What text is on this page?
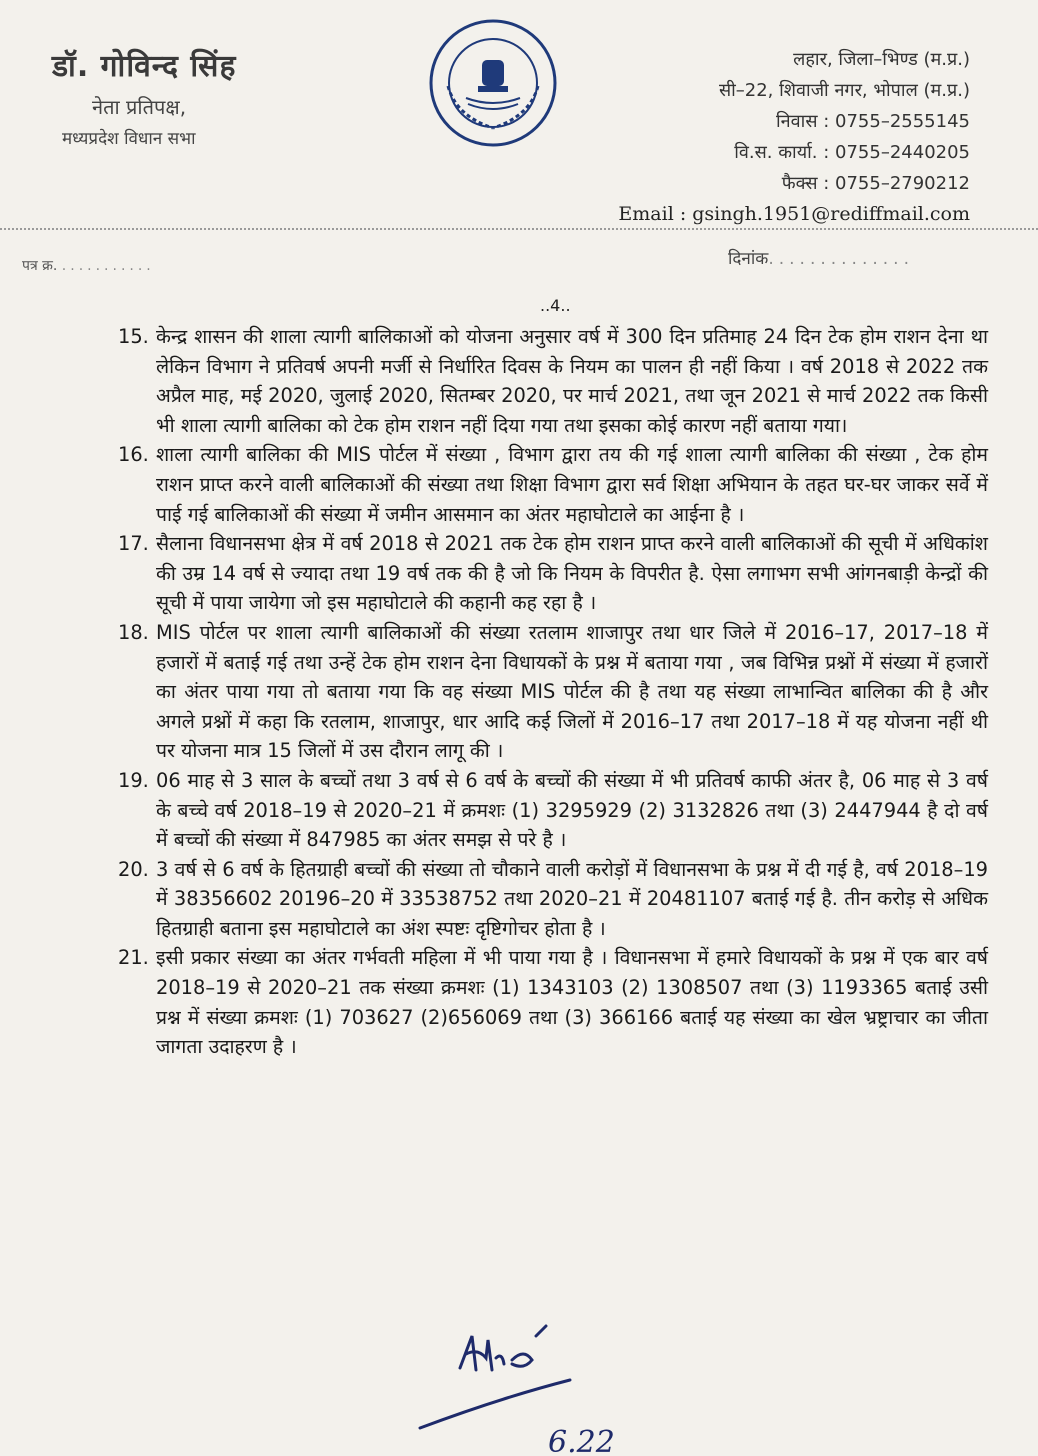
डॉ. गोविन्द सिंह
नेता प्रतिपक्ष,
मध्यप्रदेश विधान सभा
लहार, जिला–भिण्ड (म.प्र.)
सी–22, शिवाजी नगर, भोपाल (म.प्र.)
निवास : 0755–2555145
वि.स. कार्या. : 0755–2440205
फैक्स : 0755–2790212
Email : gsingh.1951@rediffmail.com
पत्र क्र. ...........	दिनांक..............
..4..
15. केन्द्र शासन की शाला त्यागी बालिकाओं को योजना अनुसार वर्ष में 300 दिन प्रतिमाह 24 दिन टेक होम राशन देना था लेकिन विभाग ने प्रतिवर्ष अपनी मर्जी से निर्धारित दिवस के नियम का पालन ही नहीं किया । वर्ष 2018 से 2022 तक अप्रैल माह, मई 2020, जुलाई 2020, सितम्बर 2020, पर मार्च 2021, तथा जून 2021 से मार्च 2022 तक किसी भी शाला त्यागी बालिका को टेक होम राशन नहीं दिया गया तथा इसका कोई कारण नहीं बताया गया।
16. शाला त्यागी बालिका की MIS पोर्टल में संख्या , विभाग द्वारा तय की गई शाला त्यागी बालिका की संख्या , टेक होम राशन प्राप्त करने वाली बालिकाओं की संख्या तथा शिक्षा विभाग द्वारा सर्व शिक्षा अभियान के तहत घर-घर जाकर सर्वे में पाई गई बालिकाओं की संख्या में जमीन आसमान का अंतर महाघोटाले का आईना है ।
17. सैलाना विधानसभा क्षेत्र में वर्ष 2018 से 2021 तक टेक होम राशन प्राप्त करने वाली बालिकाओं की सूची में अधिकांश की उम्र 14 वर्ष से ज्यादा तथा 19 वर्ष तक की है जो कि नियम के विपरीत है. ऐसा लगाभग सभी आंगनबाड़ी केन्द्रों की सूची में पाया जायेगा जो इस महाघोटाले की कहानी कह रहा है ।
18. MIS पोर्टल पर शाला त्यागी बालिकाओं की संख्या रतलाम शाजापुर तथा धार जिले में 2016–17, 2017–18 में हजारों में बताई गई तथा उन्हें टेक होम राशन देना विधायकों के प्रश्न में बताया गया , जब विभिन्न प्रश्नों में संख्या में हजारों का अंतर पाया गया तो बताया गया कि वह संख्या MIS पोर्टल की है तथा यह संख्या लाभान्वित बालिका की है और अगले प्रश्नों में कहा कि रतलाम, शाजापुर, धार आदि कई जिलों में 2016–17 तथा 2017–18 में यह योजना नहीं थी पर योजना मात्र 15 जिलों में उस दौरान लागू की ।
19. 06 माह से 3 साल के बच्चों तथा 3 वर्ष से 6 वर्ष के बच्चों की संख्या में भी प्रतिवर्ष काफी अंतर है, 06 माह से 3 वर्ष के बच्चे वर्ष 2018–19 से 2020–21 में क्रमशः (1) 3295929 (2) 3132826 तथा (3) 2447944 है दो वर्ष में बच्चों की संख्या में 847985 का अंतर समझ से परे है ।
20. 3 वर्ष से 6 वर्ष के हितग्राही बच्चों की संख्या तो चौकाने वाली करोड़ों में विधानसभा के प्रश्न में दी गई है, वर्ष 2018–19 में 38356602 20196–20 में 33538752 तथा 2020–21 में 20481107 बताई गई है. तीन करोड़ से अधिक हितग्राही बताना इस महाघोटाले का अंश स्पष्टः दृष्टिगोचर होता है ।
21. इसी प्रकार संख्या का अंतर गर्भवती महिला में भी पाया गया है । विधानसभा में हमारे विधायकों के प्रश्न में एक बार वर्ष 2018–19 से 2020–21 तक संख्या क्रमशः (1) 1343103 (2) 1308507 तथा (3) 1193365 बताई उसी प्रश्न में संख्या क्रमशः (1) 703627 (2)656069 तथा (3) 366166 बताई यह संख्या का खेल भ्रष्ट्राचार का जीता जागता उदाहरण है ।
6.22
